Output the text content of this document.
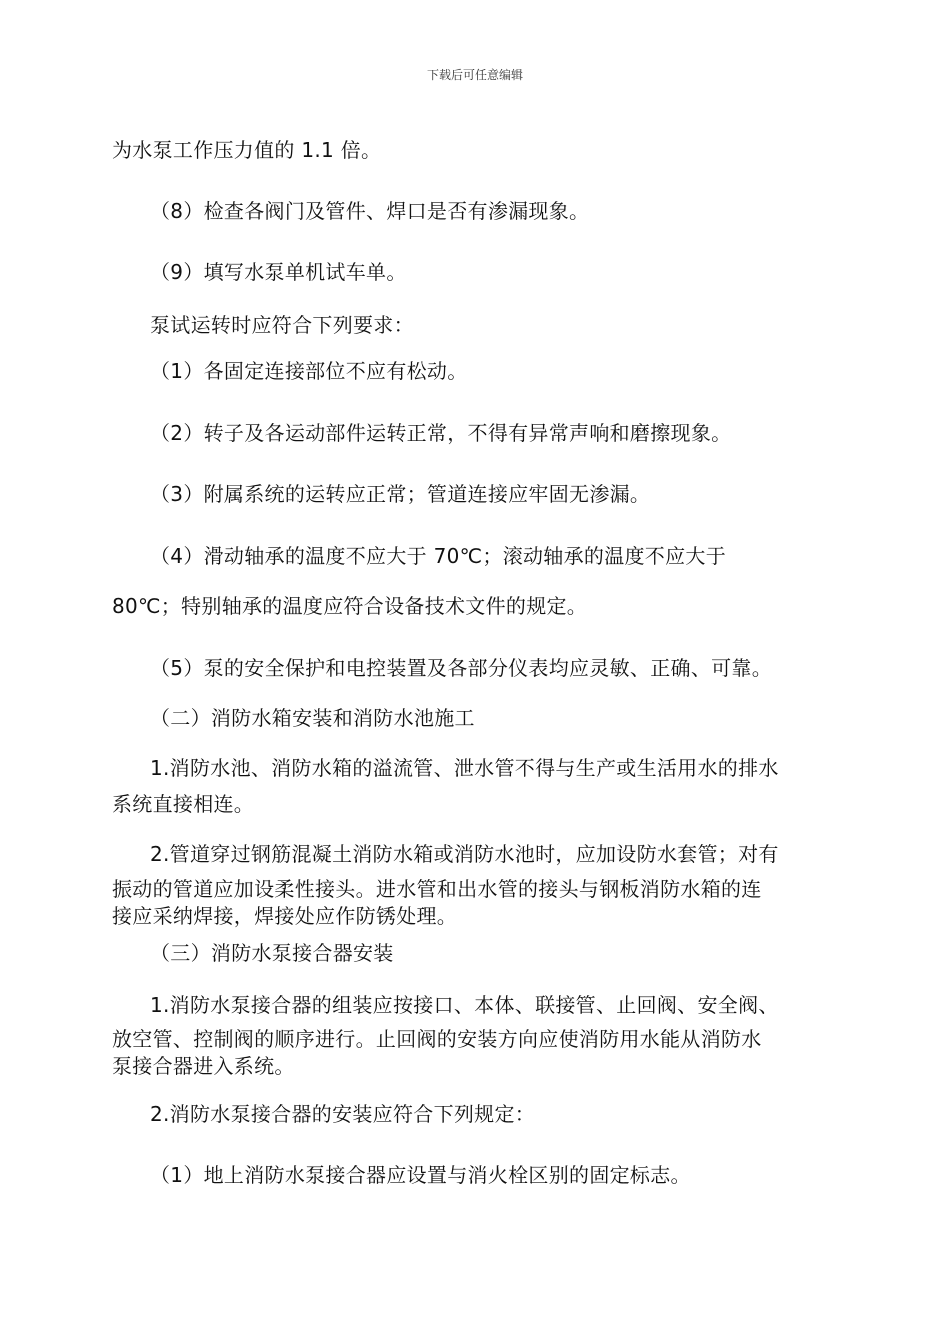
下载后可任意编辑
为水泵工作压力值的 1.1 倍。
（8）检查各阀门及管件、焊口是否有渗漏现象。
（9）填写水泵单机试车单。
泵试运转时应符合下列要求：
（1）各固定连接部位不应有松动。
（2）转子及各运动部件运转正常，不得有异常声响和磨擦现象。
（3）附属系统的运转应正常；管道连接应牢固无渗漏。
（4）滑动轴承的温度不应大于 70℃；滚动轴承的温度不应大于
80℃；特别轴承的温度应符合设备技术文件的规定。
（5）泵的安全保护和电控装置及各部分仪表均应灵敏、正确、可靠。
（二）消防水箱安装和消防水池施工
1.消防水池、消防水箱的溢流管、泄水管不得与生产或生活用水的排水
系统直接相连。
2.管道穿过钢筋混凝土消防水箱或消防水池时，应加设防水套管；对有
振动的管道应加设柔性接头。进水管和出水管的接头与钢板消防水箱的连
接应采纳焊接，焊接处应作防锈处理。
（三）消防水泵接合器安装
1.消防水泵接合器的组装应按接口、本体、联接管、止回阀、安全阀、
放空管、控制阀的顺序进行。止回阀的安装方向应使消防用水能从消防水
泵接合器进入系统。
2.消防水泵接合器的安装应符合下列规定：
（1）地上消防水泵接合器应设置与消火栓区别的固定标志。
